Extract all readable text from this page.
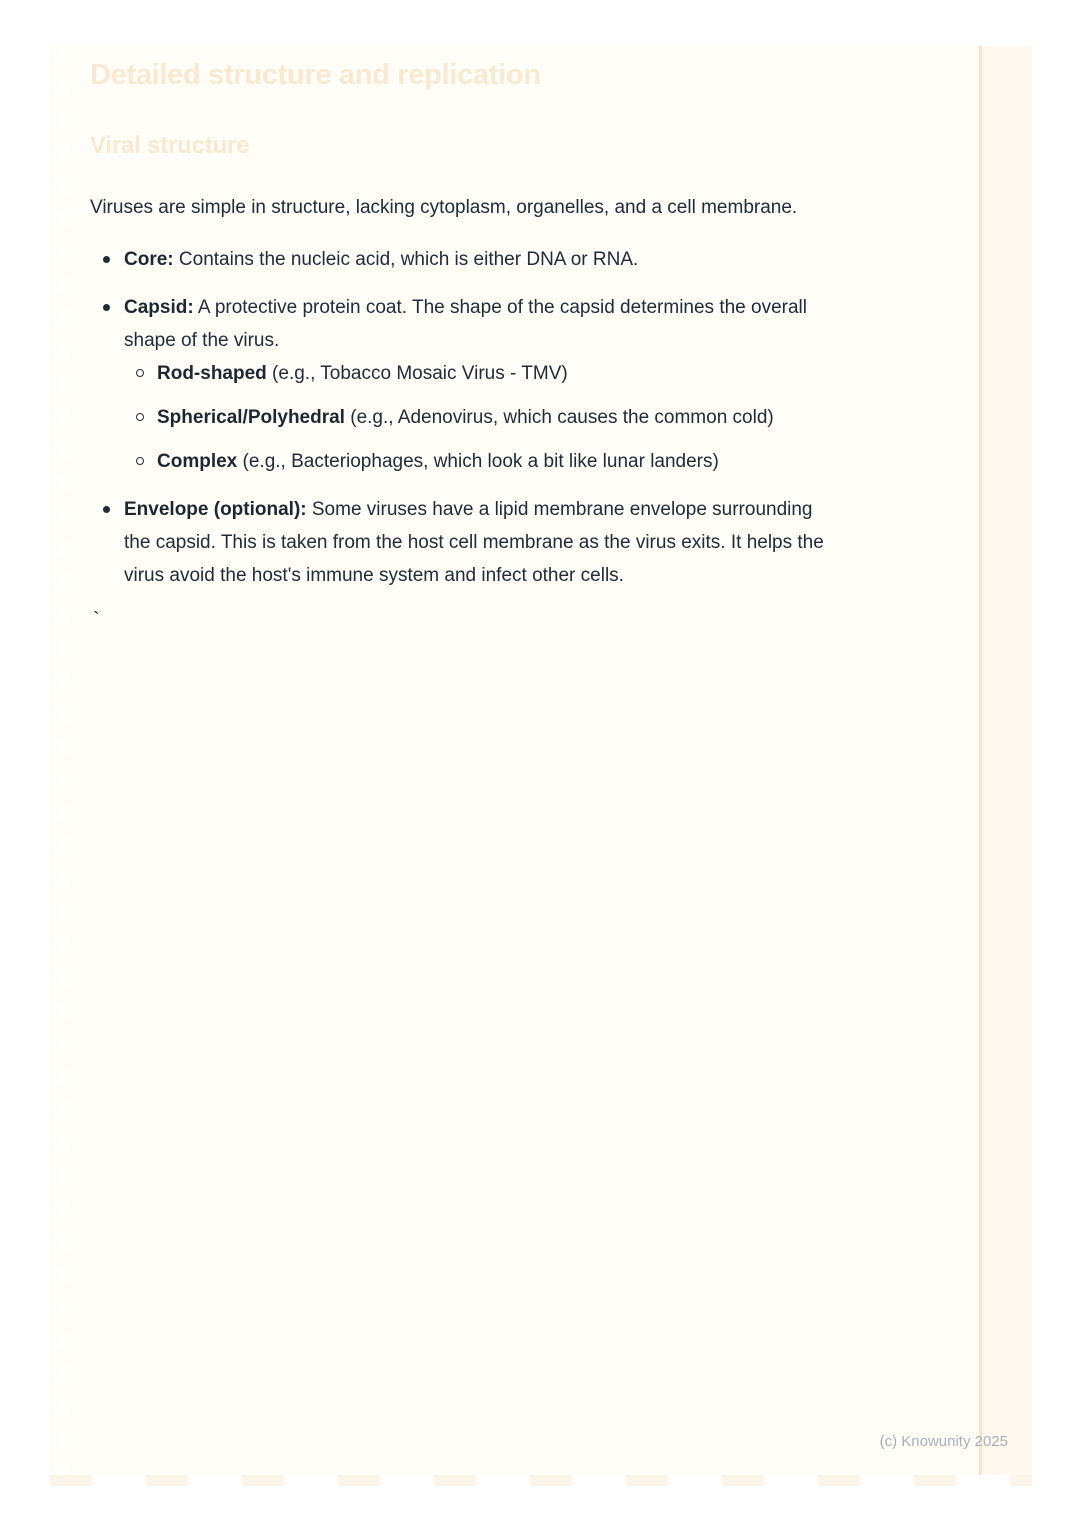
Detailed structure and replication
Viral structure

Viruses are simple in structure, lacking cytoplasm, organelles, and a cell membrane.

Core: Contains the nucleic acid, which is either DNA or RNA.
Capsid: A protective protein coat. The shape of the capsid determines the overall shape of the virus.
Rod-shaped (e.g., Tobacco Mosaic Virus - TMV)
Spherical/Polyhedral (e.g., Adenovirus, which causes the common cold)
Complex (e.g., Bacteriophages, which look a bit like lunar landers)
Envelope (optional): Some viruses have a lipid membrane envelope surrounding the capsid. This is taken from the host cell membrane as the virus exits. It helps the virus avoid the host's immune system and infect other cells.
`
(c) Knowunity 2025
